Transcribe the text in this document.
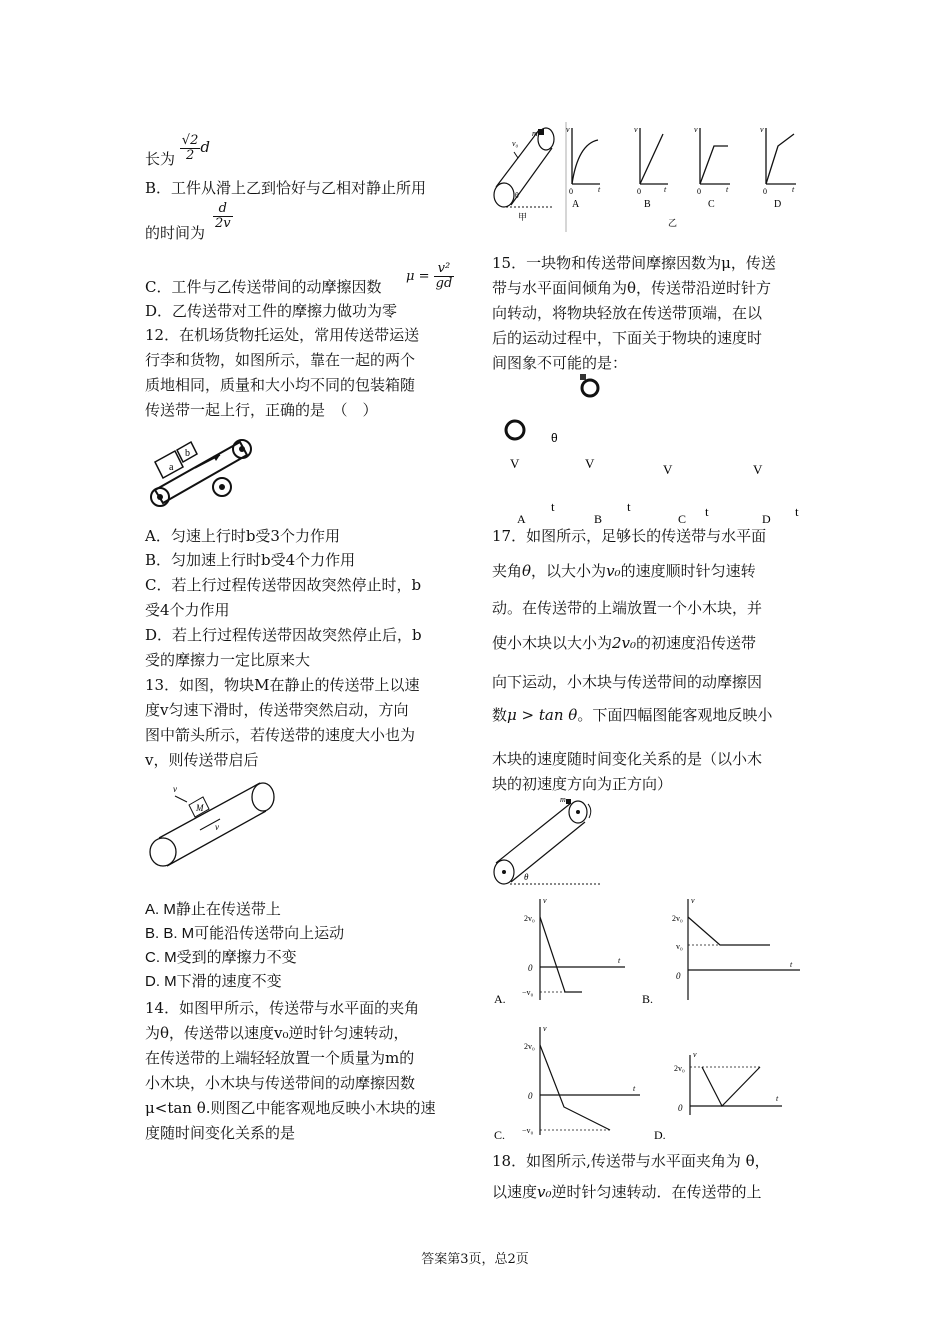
长为 $\frac{√2}{2}$ d
B．工件从滑上乙到恰好与乙相对静止所用
$\frac{d}{2v}$
的时间为
$\mu = \frac{\text{v²}}{gd}$
C．工件与乙传送带间的动摩擦因数
D．乙传送带对工件的摩擦力做功为零
12．在机场货物托运处，常用传送带运送
行李和货物，如图所示，靠在一起的两个
质地相同，质量和大小均不同的包装箱随
传送带一起上行，正确的是　（　）
a
b
A．匀速上行时b受3个力作用
B．匀加速上行时b受4个力作用
C．若上行过程传送带因故突然停止时，b
受4个力作用
D．若上行过程传送带因故突然停止后，b
受的摩擦力一定比原来大
13．如图，物块M在静止的传送带上以速
度v匀速下滑时，传送带突然启动，方向
图中箭头所示，若传送带的速度大小也为
v，则传送带启后
M
v
v
A. M静止在传送带上
B. B. M可能沿传送带向上运动
C. M受到的摩擦力不变
D. M下滑的速度不变
14．如图甲所示，传送带与水平面的夹角
为θ，传送带以速度v₀逆时针匀速转动，
在传送带的上端轻轻放置一个质量为m的
小木块，小木块与传送带间的动摩擦因数
μ<tan θ.则图乙中能客观地反映小木块的速
度随时间变化关系的是
m
v₀
θ
甲
A
0	t
v
B
0	t
v
C
0	t
v
D
0	t
v
乙
15．一块物和传送带间摩擦因数为μ，传送
带与水平面间倾角为θ，传送带沿逆时针方
向转动，将物块轻放在传送带顶端，在以
后的运动过程中，下面关于物块的速度时
间图象不可能的是：
θ
V	V	V	V
t	t	t	t
A	B	C	D
17．如图所示，足够长的传送带与水平面
夹角θ，以大小为v₀的速度顺时针匀速转
动。在传送带的上端放置一个小木块，并
使小木块以大小为2v₀的初速度沿传送带
向下运动，小木块与传送带间的动摩擦因
数μ > tan θ。下面四幅图能客观地反映小
木块的速度随时间变化关系的是（以小木
块的初速度方向为正方向）
m
θ
2v₀
0
−v₀
t
v
A.
2v₀
v₀
0
t
v
B.
2v₀
0
−v₀
t
v
C.
2v₀
0
t
v
D.
18．如图所示,传送带与水平面夹角为 θ，
以速度v₀逆时针匀速转动．在传送带的上
答案第3页，总2页
